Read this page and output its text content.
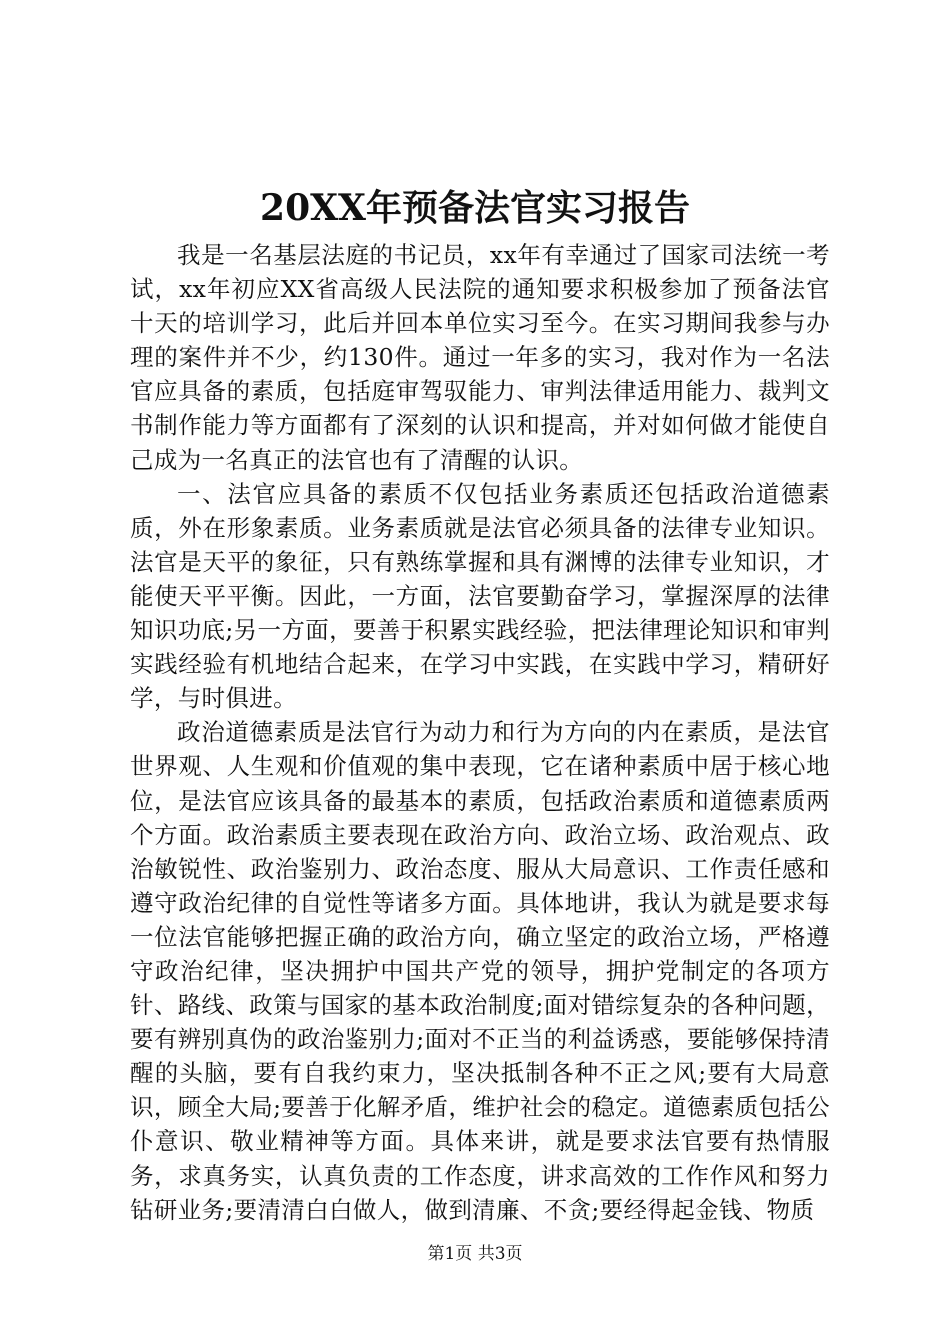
20XX年预备法官实习报告

我是一名基层法庭的书记员，xx年有幸通过了国家司法统一考试，xx年初应XX省高级人民法院的通知要求积极参加了预备法官十天的培训学习，此后并回本单位实习至今。在实习期间我参与办理的案件并不少，约130件。通过一年多的实习，我对作为一名法官应具备的素质，包括庭审驾驭能力、审判法律适用能力、裁判文书制作能力等方面都有了深刻的认识和提高，并对如何做才能使自己成为一名真正的法官也有了清醒的认识。

一、法官应具备的素质不仅包括业务素质还包括政治道德素质，外在形象素质。业务素质就是法官必须具备的法律专业知识。法官是天平的象征，只有熟练掌握和具有渊博的法律专业知识，才能使天平平衡。因此，一方面，法官要勤奋学习，掌握深厚的法律知识功底;另一方面，要善于积累实践经验，把法律理论知识和审判实践经验有机地结合起来，在学习中实践，在实践中学习，精研好学，与时俱进。

政治道德素质是法官行为动力和行为方向的内在素质，是法官世界观、人生观和价值观的集中表现，它在诸种素质中居于核心地位，是法官应该具备的最基本的素质，包括政治素质和道德素质两个方面。政治素质主要表现在政治方向、政治立场、政治观点、政治敏锐性、政治鉴别力、政治态度、服从大局意识、工作责任感和遵守政治纪律的自觉性等诸多方面。具体地讲，我认为就是要求每一位法官能够把握正确的政治方向，确立坚定的政治立场，严格遵守政治纪律，坚决拥护中国共产党的领导，拥护党制定的各项方针、路线、政策与国家的基本政治制度;面对错综复杂的各种问题，要有辨别真伪的政治鉴别力;面对不正当的利益诱惑，要能够保持清醒的头脑，要有自我约束力，坚决抵制各种不正之风;要有大局意识，顾全大局;要善于化解矛盾，维护社会的稳定。道德素质包括公仆意识、敬业精神等方面。具体来讲，就是要求法官要有热情服务，求真务实，认真负责的工作态度，讲求高效的工作作风和努力钻研业务;要清清白白做人，做到清廉、不贪;要经得起金钱、物质

第1页 共3页
